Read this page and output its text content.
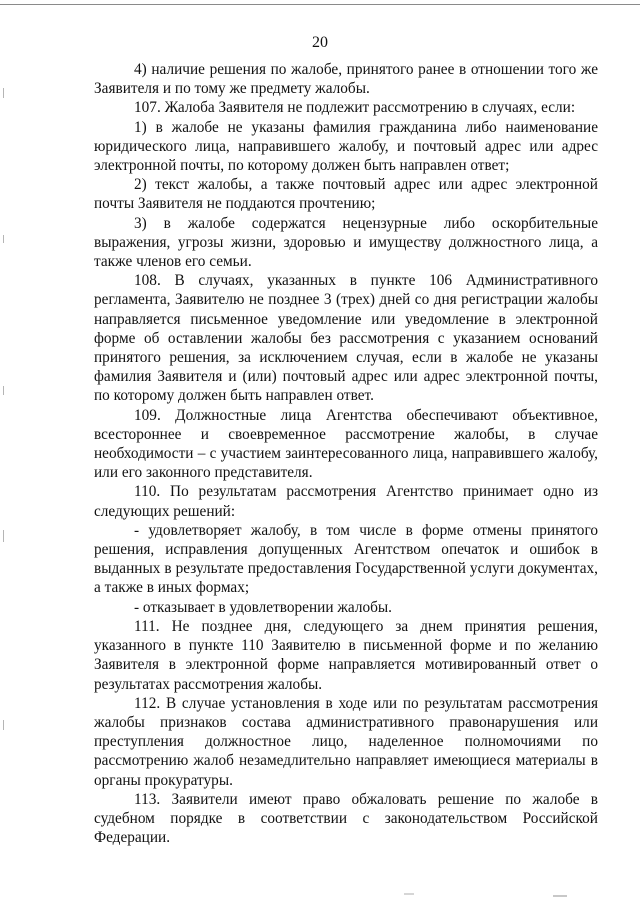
20

4) наличие решения по жалобе, принятого ранее в отношении того же Заявителя и по тому же предмету жалобы.

107. Жалоба Заявителя не подлежит рассмотрению в случаях, если:

1) в жалобе не указаны фамилия гражданина либо наименование юридического лица, направившего жалобу, и почтовый адрес или адрес электронной почты, по которому должен быть направлен ответ;

2) текст жалобы, а также почтовый адрес или адрес электронной почты Заявителя не поддаются прочтению;

3) в жалобе содержатся нецензурные либо оскорбительные выражения, угрозы жизни, здоровью и имуществу должностного лица, а также членов его семьи.

108. В случаях, указанных в пункте 106 Административного регламента, Заявителю не позднее 3 (трех) дней со дня регистрации жалобы направляется письменное уведомление или уведомление в электронной форме об оставлении жалобы без рассмотрения с указанием оснований принятого решения, за исключением случая, если в жалобе не указаны фамилия Заявителя и (или) почтовый адрес или адрес электронной почты, по которому должен быть направлен ответ.

109. Должностные лица Агентства обеспечивают объективное, всестороннее и своевременное рассмотрение жалобы, в случае необходимости – с участием заинтересованного лица, направившего жалобу, или его законного представителя.

110. По результатам рассмотрения Агентство принимает одно из следующих решений:

- удовлетворяет жалобу, в том числе в форме отмены принятого решения, исправления допущенных Агентством опечаток и ошибок в выданных в результате предоставления Государственной услуги документах, а также в иных формах;

- отказывает в удовлетворении жалобы.

111. Не позднее дня, следующего за днем принятия решения, указанного в пункте 110 Заявителю в письменной форме и по желанию Заявителя в электронной форме направляется мотивированный ответ о результатах рассмотрения жалобы.

112. В случае установления в ходе или по результатам рассмотрения жалобы признаков состава административного правонарушения или преступления должностное лицо, наделенное полномочиями по рассмотрению жалоб незамедлительно направляет имеющиеся материалы в органы прокуратуры.

113. Заявители имеют право обжаловать решение по жалобе в судебном порядке в соответствии с законодательством Российской Федерации.
